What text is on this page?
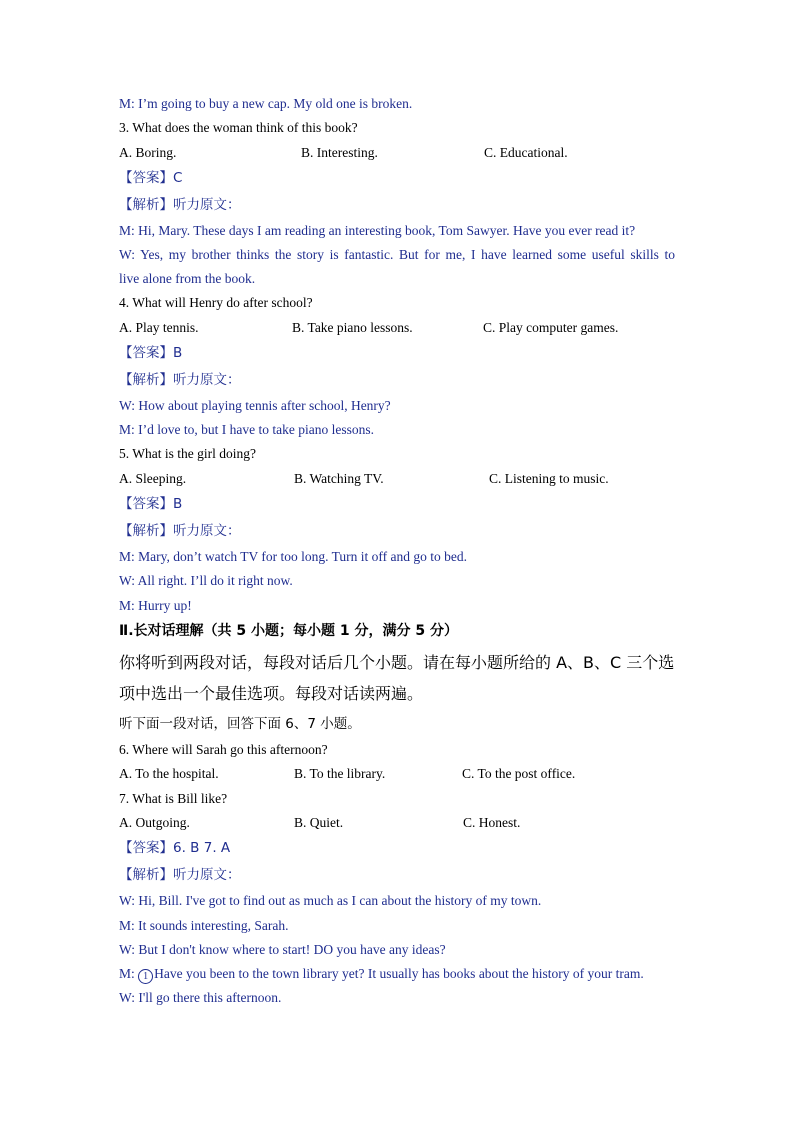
M: I’m going to buy a new cap. My old one is broken.
3. What does the woman think of this book?
A. Boring.	B. Interesting.	C. Educational.
【答案】C
【解析】听力原文：
M: Hi, Mary. These days I am reading an interesting book, Tom Sawyer. Have you ever read it?
W: Yes, my brother thinks the story is fantastic. But for me, I have learned some useful skills to
live alone from the book.
4. What will Henry do after school?
A. Play tennis.	B. Take piano lessons.	C. Play computer games.
【答案】B
【解析】听力原文：
W: How about playing tennis after school, Henry?
M: I’d love to, but I have to take piano lessons.
5. What is the girl doing?
A. Sleeping.	B. Watching TV.	C. Listening to music.
【答案】B
【解析】听力原文：
M: Mary, don’t watch TV for too long. Turn it off and go to bed.
W: All right. I’ll do it right now.
M: Hurry up!
Ⅱ.长对话理解（共 5 小题；每小题 1 分，满分 5 分）
你将听到两段对话，每段对话后几个小题。请在每小题所给的 A、B、C 三个选
项中选出一个最佳选项。每段对话读两遍。
听下面一段对话，回答下面 6、7 小题。
6. Where will Sarah go this afternoon?
A. To the hospital.	B. To the library.	C. To the post office.
7. What is Bill like?
A. Outgoing.	B. Quiet.	C. Honest.
【答案】6. B 7. A
【解析】听力原文：
W: Hi, Bill. I've got to find out as much as I can about the history of my town.
M: It sounds interesting, Sarah.
W: But I don't know where to start! DO you have any ideas?
M: 1 Have you been to the town library yet? It usually has books about the history of your tram.
W: I'll go there this afternoon.
